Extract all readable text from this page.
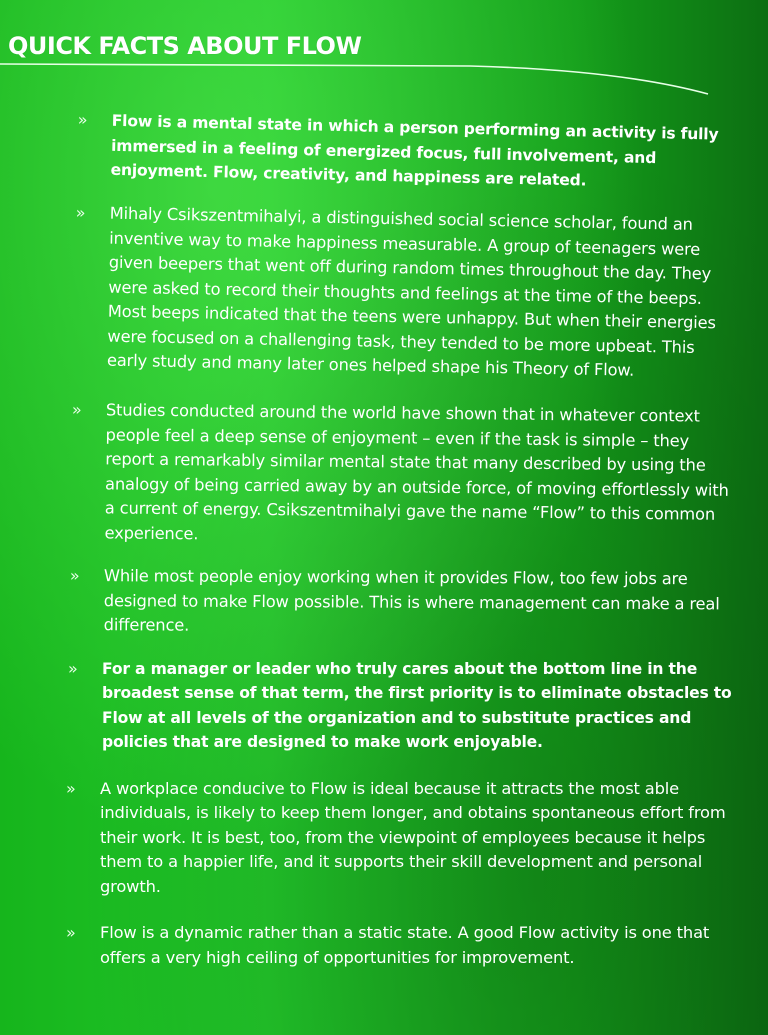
QUICK FACTS ABOUT FLOW
» Flow is a mental state in which a person performing an activity is fully immersed in a feeling of energized focus, full involvement, and enjoyment. Flow, creativity, and happiness are related.
» Mihaly Csikszentmihalyi, a distinguished social science scholar, found an inventive way to make happiness measurable. A group of teenagers were given beepers that went off during random times throughout the day. They were asked to record their thoughts and feelings at the time of the beeps. Most beeps indicated that the teens were unhappy. But when their energies were focused on a challenging task, they tended to be more upbeat. This early study and many later ones helped shape his Theory of Flow.
» Studies conducted around the world have shown that in whatever context people feel a deep sense of enjoyment – even if the task is simple – they report a remarkably similar mental state that many described by using the analogy of being carried away by an outside force, of moving effortlessly with a current of energy. Csikszentmihalyi gave the name “Flow” to this common experience.
» While most people enjoy working when it provides Flow, too few jobs are designed to make Flow possible. This is where management can make a real difference.
» For a manager or leader who truly cares about the bottom line in the broadest sense of that term, the first priority is to eliminate obstacles to Flow at all levels of the organization and to substitute practices and policies that are designed to make work enjoyable.
» A workplace conducive to Flow is ideal because it attracts the most able individuals, is likely to keep them longer, and obtains spontaneous effort from their work. It is best, too, from the viewpoint of employees because it helps them to a happier life, and it supports their skill development and personal growth.
» Flow is a dynamic rather than a static state. A good Flow activity is one that offers a very high ceiling of opportunities for improvement.
